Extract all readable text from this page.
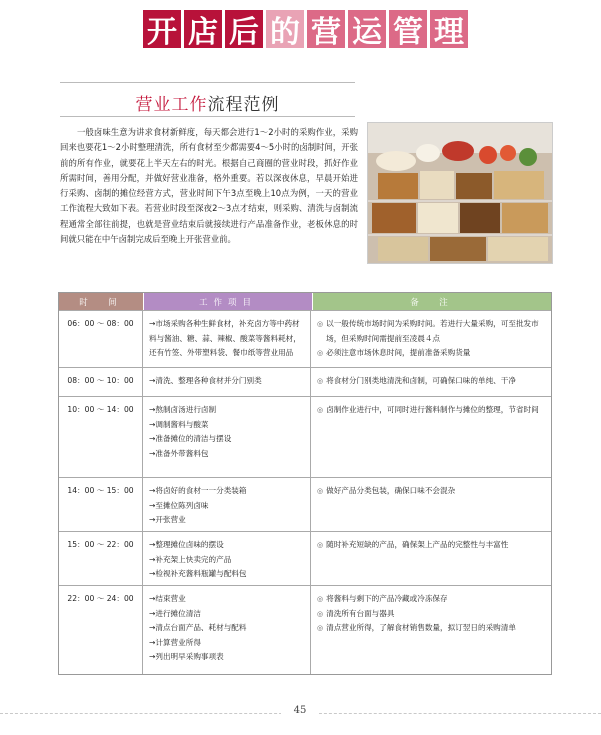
开 店 后 的 营 运 管 理
营业工作流程范例
一般卤味生意为讲求食材新鲜度，每天都会进行1～2小时的采购作业，采购回来也要花1～2小时整理清洗，所有食材至少都需要4～5小时的卤制时间，开张前的所有作业，就要花上半天左右的时光。根据自己商圈的营业时段，抓好作业所需时间，善用分配，并做好营业准备，格外重要。若以深夜休息，早晨开始进行采购、卤制的摊位经营方式，营业时间下午3点至晚上10点为例，一天的营业工作流程大致如下表。若营业时段至深夜2～3点才结束，则采购、清洗与卤制流程通常全部往前提，也就是营业结束后就接续进行产品准备作业，老板休息的时间就只能在中午卤制完成后至晚上开张营业前。
时　间	工作项目	备　注
06：00 ～ 08：00	→市场采购各种生鲜食材，补充卤方等中药材料与酱油、糖、蒜、辣椒、酸菜等酱料耗材，还有竹签、外带塑料袋、餐巾纸等营业用品
◎ 以一般传统市场时间为采购时间。若进行大量采购，可至批发市场，但采购时间需提前至凌晨４点
◎ 必须注意市场休息时间，提前准备采购货量
08：00 ～ 10：00	→清洗、整理各种食材并分门别类	◎ 将食材分门别类地清洗和卤制，可确保口味的单纯、干净
10：00 ～ 14：00	→熬制卤汤进行卤制
→调制酱料与酸菜
→准备摊位的清洁与摆设
→准备外带酱料包
◎ 卤制作业进行中，可同时进行酱料制作与摊位的整理，节省时间
14：00 ～ 15：00	→将卤好的食材一一分类装箱
→至摊位陈列卤味
→开张营业
◎ 做好产品分类包装，确保口味不会混杂
15：00 ～ 22：00	→整理摊位卤味的摆设
→补充架上快卖完的产品
→检视补充酱料瓶罐与配料包
◎ 随时补充短缺的产品，确保架上产品的完整性与丰富性
22：00 ～ 24：00	→结束营业
→进行摊位清洁
→清点台面产品、耗材与配料
→计算营业所得
→列出明早采购事项表
◎ 将酱料与剩下的产品冷藏或冷冻保存
◎ 清洗所有台面与器具
◎ 清点营业所得，了解食材销售数量，拟订翌日的采购清单
45
